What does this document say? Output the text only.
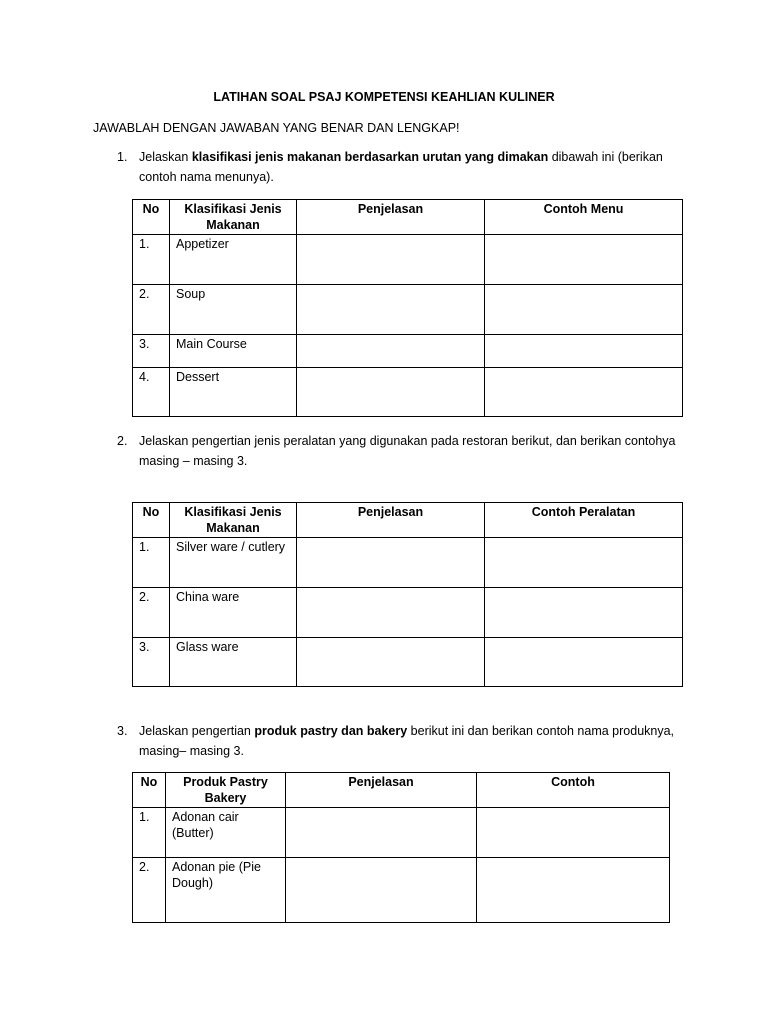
LATIHAN SOAL PSAJ KOMPETENSI KEAHLIAN KULINER
JAWABLAH DENGAN JAWABAN YANG BENAR DAN LENGKAP!
1. Jelaskan klasifikasi jenis makanan berdasarkan urutan yang dimakan dibawah ini (berikan contoh nama menunya).
No	Klasifikasi Jenis Makanan	Penjelasan	Contoh Menu
1.	Appetizer		
2.	Soup		
3.	Main Course		
4.	Dessert		
2. Jelaskan pengertian jenis peralatan yang digunakan pada restoran berikut, dan berikan contohya masing – masing 3.
No	Klasifikasi Jenis Makanan	Penjelasan	Contoh Peralatan
1.	Silver ware / cutlery		
2.	China ware		
3.	Glass ware		
3. Jelaskan pengertian produk pastry dan bakery berikut ini dan berikan contoh nama produknya, masing– masing 3.
No	Produk Pastry Bakery	Penjelasan	Contoh
1.	Adonan cair (Butter)		
2.	Adonan pie (Pie Dough)		
